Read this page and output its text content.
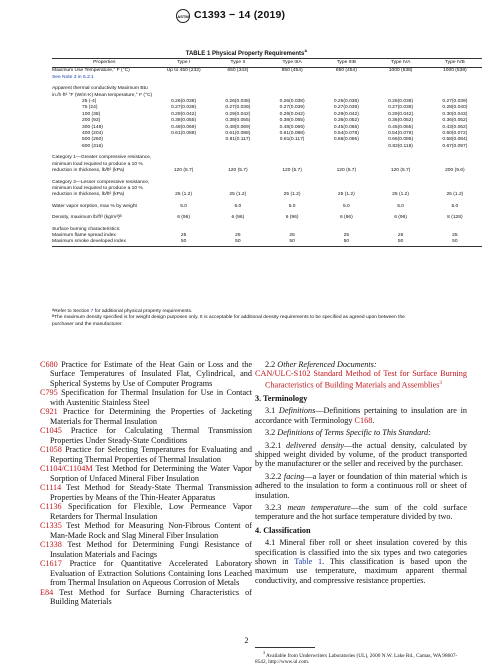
ASTM C1393 − 14 (2019)
TABLE 1 Physical Property Requirements$^A$
Properties	Type I	Type II	Type IIIA	Type IIIB	Type IVA	Type IVB
Maximum Use Temperature,° F (°C)	Up to 450 (232)	650 (343)	850 (454)	850 (454)	1000 (538)	1000 (538)
See Note 3 in 6.2.1						

Apparent thermal conductivity Maximum Btu						
in./h·ft² °F (W/m·K) Mean temperature,° F (°C)						
25 (-4)	0.26(0.038)	0.26(0.038)	0.26(0.038)	0.26(0.038)	0.26(0.038)	0.27(0.039)
75 (24)	0.27(0.039)	0.27(0.039)	0.27(0.039)	0.27(0.039)	0.27(0.039)	0.28(0.040)
100 (38)	0.29(0.042)	0.29(0.042)	0.29(0.042)	0.29(0.042)	0.29(0.042)	0.30(0.043)
200 (93)	0.38(0.055)	0.38(0.055)	0.38(0.055)	0.36(0.052)	0.36(0.052)	0.36(0.052)
300 (149)	0.48(0.069)	0.48(0.069)	0.48(0.069)	0.45(0.065)	0.45(0.065)	0.43(0.062)
400 (204)	0.61(0.088)	0.61(0.088)	0.61(0.088)	0.54(0.078)	0.54(0.078)	0.50(0.072)
500 (260)		0.81(0.117)	0.81(0.117)	0.66(0.095)	0.66(0.095)	0.58(0.084)
600 (316)					0.82(0.118)	0.67(0.097)

Category 1—Greater compressive resistance,						
minimum load required to produce a 10 %						
reduction in thickness, lb/ft² (kPa)	120 (5.7)	120 (5.7)	120 (5.7)	120 (5.7)	120 (5.7)	200 (9.6)

Category 2—Lesser compressive resistance,						
minimum load required to produce a 10 %						
reduction in thickness, lb/ft² (kPa)	25 (1.2)	25 (1.2)	25 (1.2)	25 (1.2)	25 (1.2)	25 (1.2)

Water vapor sorption, max % by weight	5.0	5.0	5.0	5.0	5.0	5.0

Density, maximum lb/ft³ (kg/m³)ᴮ	6 (96)	6 (96)	6 (96)	6 (96)	6 (96)	8 (128)

Surface burning characteristics:						
Maximum flame spread index	25	25	25	25	25	25
Maximum smoke developed index	50	50	50	50	50	50

ᴬRefer to Section 7 for additional physical property requirements.

ᴮThe maximum density specified is for weight design purposes only. It is acceptable for additional density requirements to be specified as agreed upon between the

purchaser and the manufacturer.

C680 Practice for Estimate of the Heat Gain or Loss and the Surface Temperatures of Insulated Flat, Cylindrical, and Spherical Systems by Use of Computer Programs

C795 Specification for Thermal Insulation for Use in Contact with Austenitic Stainless Steel

C921 Practice for Determining the Properties of Jacketing Materials for Thermal Insulation

C1045 Practice for Calculating Thermal Transmission Properties Under Steady-State Conditions

C1058 Practice for Selecting Temperatures for Evaluating and Reporting Thermal Properties of Thermal Insulation

C1104/C1104M Test Method for Determining the Water Vapor Sorption of Unfaced Mineral Fiber Insulation

C1114 Test Method for Steady-State Thermal Transmission Properties by Means of the Thin-Heater Apparatus

C1136 Specification for Flexible, Low Permeance Vapor Retarders for Thermal Insulation

C1335 Test Method for Measuring Non-Fibrous Content of Man-Made Rock and Slag Mineral Fiber Insulation

C1338 Test Method for Determining Fungi Resistance of Insulation Materials and Facings

C1617 Practice for Quantitative Accelerated Laboratory Evaluation of Extraction Solutions Containing Ions Leached from Thermal Insulation on Aqueous Corrosion of Metals

E84 Test Method for Surface Burning Characteristics of Building Materials

2.2 Other Referenced Documents:

CAN/ULC-S102 Standard Method of Test for Surface Burning Characteristics of Building Materials and Assemblies$^3$

3. Terminology

3.1 Definitions—Definitions pertaining to insulation are in accordance with Terminology C168.

3.2 Definitions of Terms Specific to This Standard:

3.2.1 delivered density—the actual density, calculated by shipped weight divided by volume, of the product transported by the manufacturer or the seller and received by the purchaser.

3.2.2 facing—a layer or foundation of thin material which is adhered to the insulation to form a continuous roll or sheet of insulation.

3.2.3 mean temperature—the sum of the cold surface temperature and the hot surface temperature divided by two.

4. Classification

4.1 Mineral fiber roll or sheet insulation covered by this specification is classified into the six types and two categories shown in Table 1. This classification is based upon the maximum use temperature, maximum apparent thermal conductivity, and compressive resistance properties.

$^3$ Available from Underwriters Laboratories (UL), 2600 N.W. Lake Rd., Camas, WA 98607-8542, http://www.ul.com.

2
